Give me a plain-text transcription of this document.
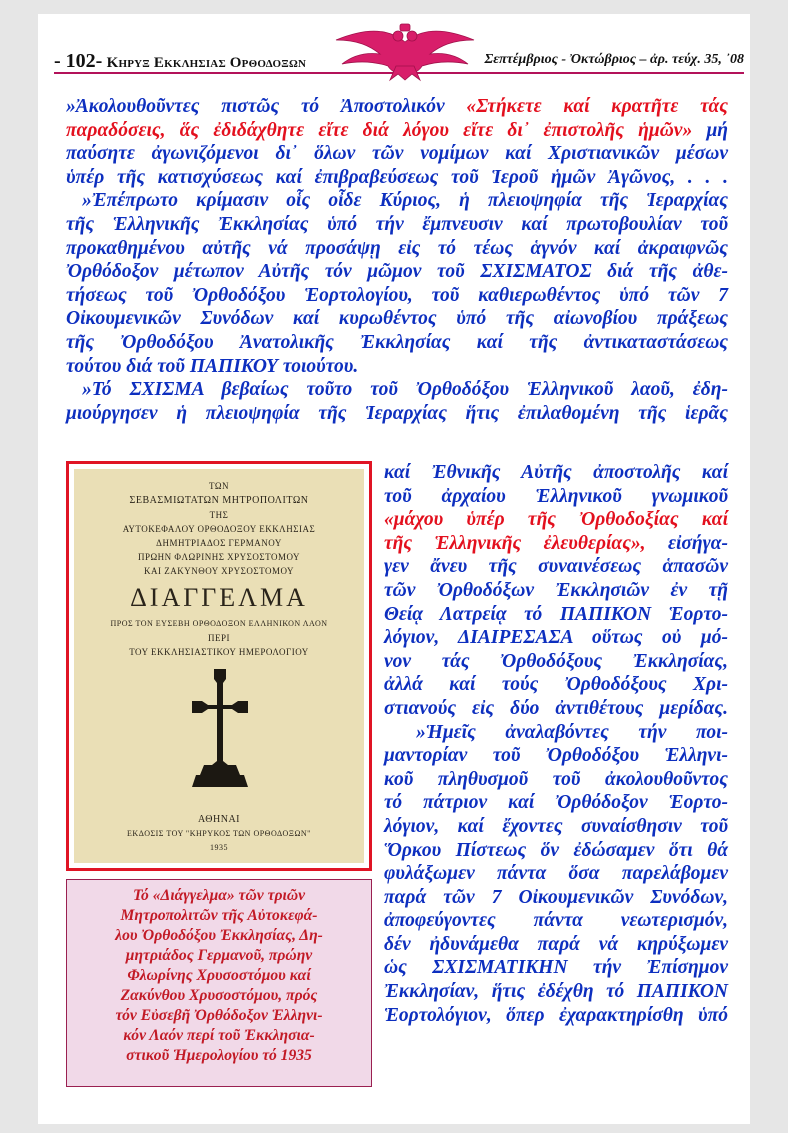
- 102- Κηρυξ Εκκλησιας Ορθοδοξων	Σεπτέμβριος - Ὀκτώβριος – ἀρ. τεύχ. 35, ᾿08
»Ἀκολουθοῦντες πιστῶς τό Ἀποστολικόν «Στήκετε καί κρατῆτε τάς
παραδόσεις, ἅς ἐδιδάχθητε εἴτε διά λόγου εἴτε δι᾿ ἐπιστολῆς ἡμῶν» μή
παύσητε ἀγωνιζόμενοι δι᾿ ὅλων τῶν νομίμων καί Χριστιανικῶν μέσων
ὑπέρ τῆς κατισχύσεως καί ἐπιβραβεύσεως τοῦ Ἱεροῦ ἡμῶν Ἀγῶνος, . . .
»Ἐπέπρωτο κρίμασιν οἷς οἶδε Κύριος, ἡ πλειοψηφία τῆς Ἱεραρχίας
τῆς Ἑλληνικῆς Ἐκκλησίας ὑπό τήν ἔμπνευσιν καί πρωτοβουλίαν τοῦ
προκαθημένου αὐτῆς νά προσάψῃ εἰς τό τέως ἁγνόν καί ἀκραιφνῶς
Ὀρθόδοξον μέτωπον Αὐτῆς τόν μῶμον τοῦ ΣΧΙΣΜΑΤΟΣ διά τῆς ἀθε-
τήσεως τοῦ Ὀρθοδόξου Ἑορτολογίου, τοῦ καθιερωθέντος ὑπό τῶν 7
Οἰκουμενικῶν Συνόδων καί κυρωθέντος ὑπό τῆς αἰωνοβίου πράξεως
τῆς Ὀρθοδόξου Ἀνατολικῆς Ἐκκλησίας καί τῆς ἀντικαταστάσεως
τούτου διά τοῦ ΠΑΠΙΚΟΥ τοιούτου.
»Τό ΣΧΙΣΜΑ βεβαίως τοῦτο τοῦ Ὀρθοδόξου Ἑλληνικοῦ λαοῦ, ἐδη-
μιούργησεν ἡ πλειοψηφία τῆς Ἱεραρχίας ἥτις ἐπιλαθομένη τῆς ἱερᾶς
καί Ἐθνικῆς Αὐτῆς ἀποστολῆς καί
τοῦ ἀρχαίου Ἑλληνικοῦ γνωμικοῦ
«μάχου ὑπέρ τῆς Ὀρθοδοξίας καί
τῆς Ἑλληνικῆς ἐλευθερίας», εἰσήγα-
γεν ἄνευ τῆς συναινέσεως ἁπασῶν
τῶν Ὀρθοδόξων Ἐκκλησιῶν ἐν τῇ
Θείᾳ Λατρείᾳ τό ΠΑΠΙΚΟΝ Ἑορτο-
λόγιον, ΔΙΑΙΡΕΣΑΣΑ οὕτως οὐ μό-
νον τάς Ὀρθοδόξους Ἐκκλησίας,
ἀλλά καί τούς Ὀρθοδόξους Χρι-
στιανούς εἰς δύο ἀντιθέτους μερίδας.
»Ἡμεῖς ἀναλαβόντες τήν ποι-
μαντορίαν τοῦ Ὀρθοδόξου Ἑλληνι-
κοῦ πληθυσμοῦ τοῦ ἀκολουθοῦντος
τό πάτριον καί Ὀρθόδοξον Ἑορτο-
λόγιον, καί ἔχοντες συναίσθησιν τοῦ
Ὅρκου Πίστεως ὅν ἐδώσαμεν ὅτι θά
φυλάξωμεν πάντα ὅσα παρελάβομεν
παρά τῶν 7 Οἰκουμενικῶν Συνόδων,
ἀποφεύγοντες πάντα νεωτερισμόν,
δέν ἠδυνάμεθα παρά νά κηρύξωμεν
ὡς ΣΧΙΣΜΑΤΙΚΗΝ τήν Ἐπίσημον
Ἐκκλησίαν, ἥτις ἐδέχθη τό ΠΑΠΙΚΟΝ
Ἑορτολόγιον, ὅπερ ἐχαρακτηρίσθη ὑπό
ΤΩΝ
ΣΕΒΑΣΜΙΩΤΑΤΩΝ ΜΗΤΡΟΠΟΛΙΤΩΝ
ΤΗΣ
ΑΥΤΟΚΕΦΑΛΟΥ ΟΡΘΟΔΟΞΟΥ ΕΚΚΛΗΣΙΑΣ
ΔΗΜΗΤΡΙΑΔΟΣ ΓΕΡΜΑΝΟΥ
ΠΡΩΗΝ ΦΛΩΡΙΝΗΣ ΧΡΥΣΟΣΤΟΜΟΥ
ΚΑΙ ΖΑΚΥΝΘΟΥ ΧΡΥΣΟΣΤΟΜΟΥ
ΔΙΑΓΓΕΛΜΑ
ΠΡΟΣ ΤΟΝ ΕΥΣΕΒΗ ΟΡΘΟΔΟΞΟΝ ΕΛΛΗΝΙΚΟΝ ΛΑΟΝ
ΠΕΡΙ
ΤΟΥ ΕΚΚΛΗΣΙΑΣΤΙΚΟΥ ΗΜΕΡΟΛΟΓΙΟΥ
ΑΘΗΝΑΙ
ΕΚΔΟΣΙΣ ΤΟΥ "ΚΗΡΥΚΟΣ ΤΩΝ ΟΡΘΟΔΟΞΩΝ"
1935
Τό «Διάγγελμα» τῶν τριῶν
Μητροπολιτῶν τῆς Αὐτοκεφά-
λου Ὀρθοδόξου Ἐκκλησίας, Δη-
μητριάδος Γερμανοῦ, πρώην
Φλωρίνης Χρυσοστόμου καί
Ζακύνθου Χρυσοστόμου, πρός
τόν Εὐσεβῆ Ὀρθόδοξον Ἑλληνι-
κόν Λαόν περί τοῦ Ἐκκλησια-
στικοῦ Ἡμερολογίου τό 1935
